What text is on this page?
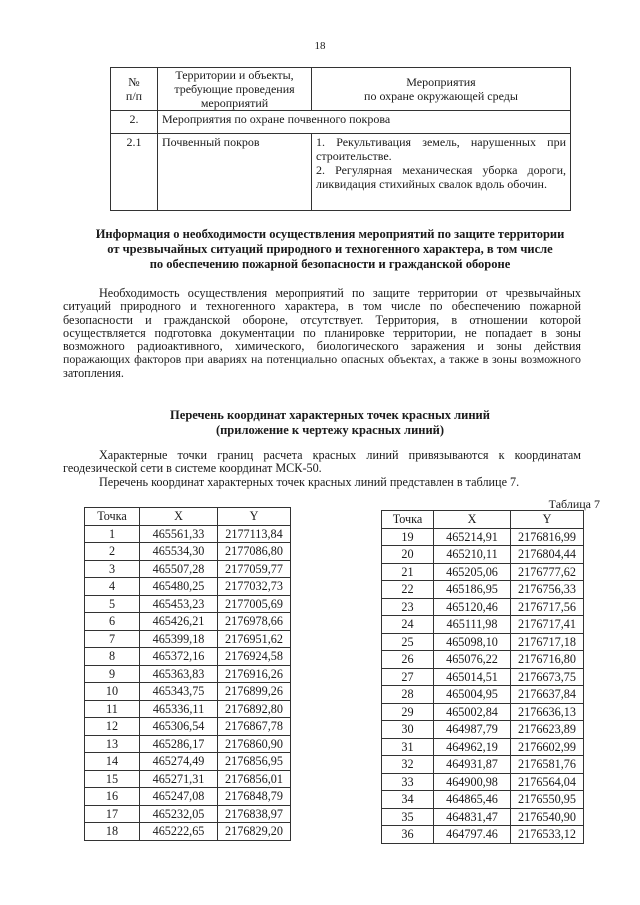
18
№
п/п

Территории и объекты,
требующие проведения
мероприятий

Мероприятия
по охране окружающей среды

2.	Мероприятия по охране почвенного покрова	
2.1	Почвенный покров	1. Рекультивация земель, нарушенных при строительстве.

2. Регулярная механическая уборка дороги, ликвидация стихийных свалок вдоль обочин.

Информация о необходимости осуществления мероприятий по защите территории
от чрезвычайных ситуаций природного и техногенного характера, в том числе
по обеспечению пожарной безопасности и гражданской обороне
Необходимость осуществления мероприятий по защите территории от чрезвычайных
ситуаций природного и техногенного характера, в том числе по обеспечению пожарной
безопасности и гражданской обороне, отсутствует. Территория, в отношении которой
осуществляется подготовка документации по планировке территории, не попадает в зоны
возможного радиоактивного, химического, биологического заражения и зоны действия
поражающих факторов при авариях на потенциально опасных объектах, а также в зоны возможного
затопления.
Перечень координат характерных точек красных линий
(приложение к чертежу красных линий)
Характерные точки границ расчета красных линий привязываются к координатам
геодезической сети в системе координат МСК-50.
Перечень координат характерных точек красных линий представлен в таблице 7.
Таблица 7
Точка	X	Y
1	465561,33	2177113,84
2	465534,30	2177086,80
3	465507,28	2177059,77
4	465480,25	2177032,73
5	465453,23	2177005,69
6	465426,21	2176978,66
7	465399,18	2176951,62
8	465372,16	2176924,58
9	465363,83	2176916,26
10	465343,75	2176899,26
11	465336,11	2176892,80
12	465306,54	2176867,78
13	465286,17	2176860,90
14	465274,49	2176856,95
15	465271,31	2176856,01
16	465247,08	2176848,79
17	465232,05	2176838,97
18	465222,65	2176829,20
Точка	X	Y
19	465214,91	2176816,99
20	465210,11	2176804,44
21	465205,06	2176777,62
22	465186,95	2176756,33
23	465120,46	2176717,56
24	465111,98	2176717,41
25	465098,10	2176717,18
26	465076,22	2176716,80
27	465014,51	2176673,75
28	465004,95	2176637,84
29	465002,84	2176636,13
30	464987,79	2176623,89
31	464962,19	2176602,99
32	464931,87	2176581,76
33	464900,98	2176564,04
34	464865,46	2176550,95
35	464831,47	2176540,90
36	464797.46	2176533,12
